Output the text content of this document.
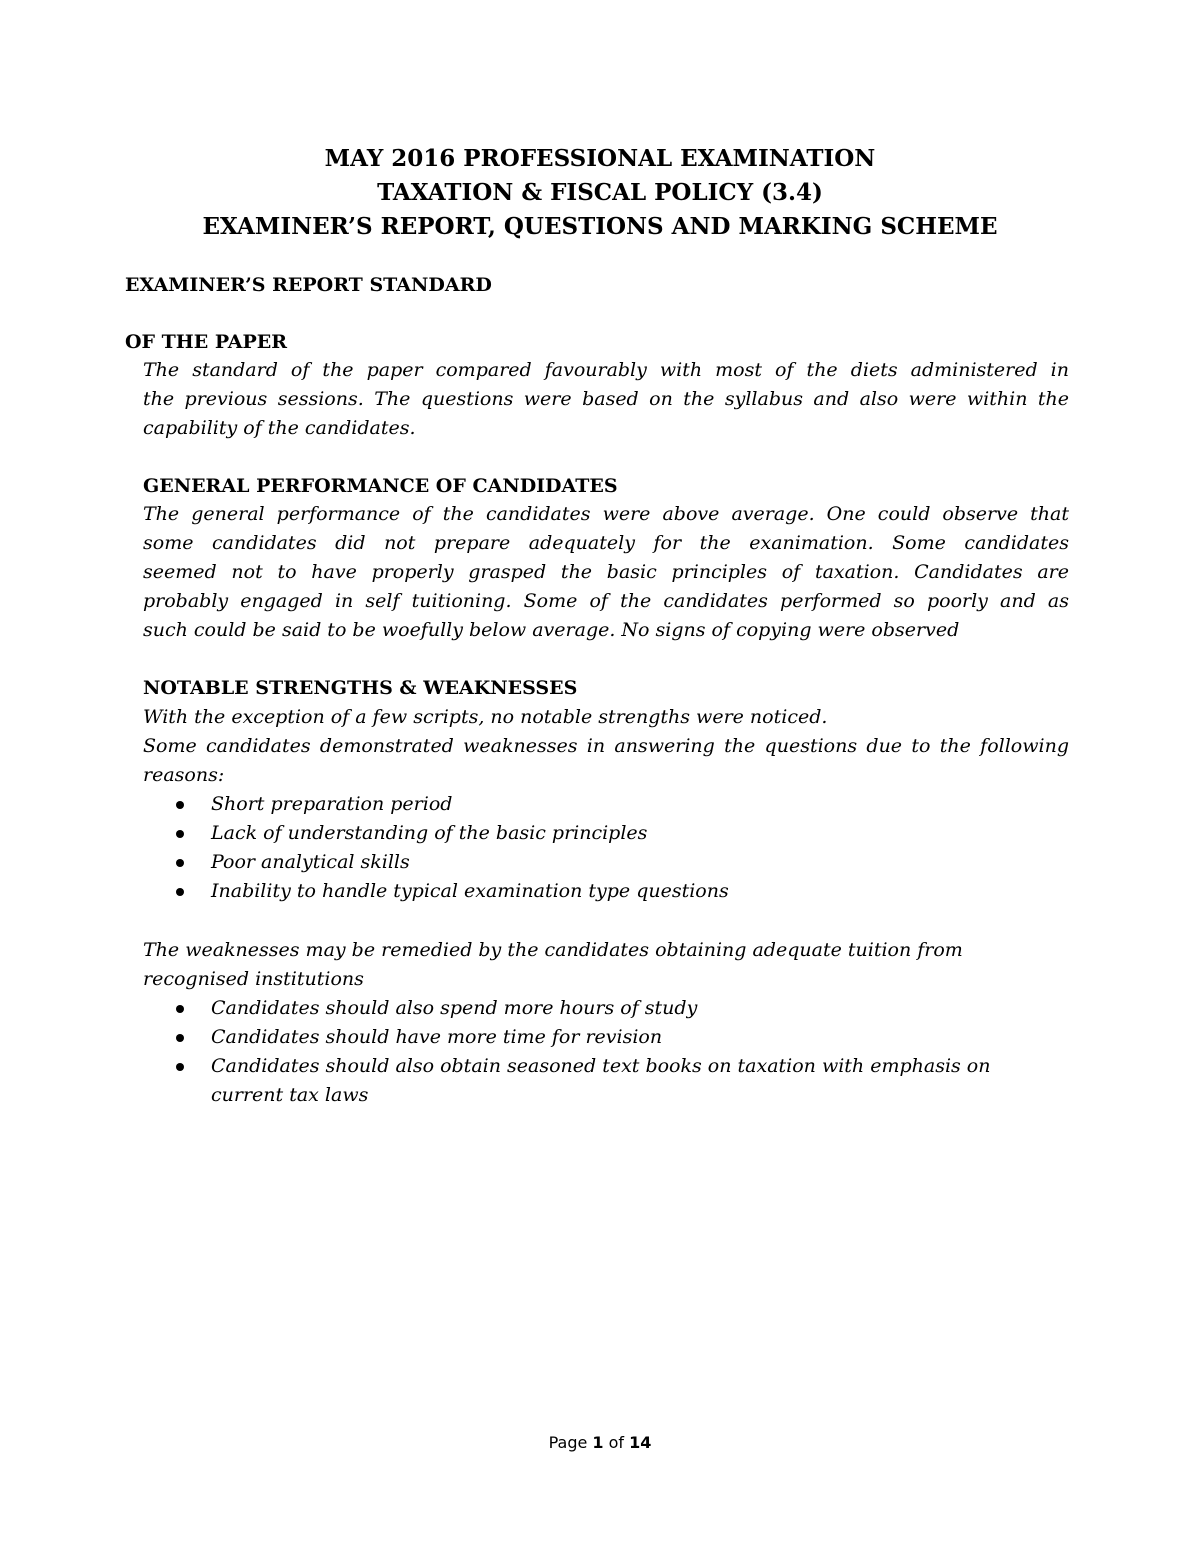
MAY 2016 PROFESSIONAL EXAMINATION
TAXATION & FISCAL POLICY (3.4)
EXAMINER’S REPORT, QUESTIONS AND MARKING SCHEME
EXAMINER’S REPORT STANDARD
OF THE PAPER
The standard of the paper compared favourably with most of the diets administered in
the previous sessions. The questions were based on the syllabus and also were within the
capability of the candidates.
GENERAL PERFORMANCE OF CANDIDATES
The general performance of the candidates were above average. One could observe that
some candidates did not prepare adequately for the exanimation. Some candidates
seemed not to have properly grasped the basic principles of taxation. Candidates are
probably engaged in self tuitioning. Some of the candidates performed so poorly and as
such could be said to be woefully below average. No signs of copying were observed
NOTABLE STRENGTHS & WEAKNESSES
With the exception of a few scripts, no notable strengths were noticed.
Some candidates demonstrated weaknesses in answering the questions due to the following
reasons:
Short preparation period
Lack of understanding of the basic principles
Poor analytical skills
Inability to handle typical examination type questions
The weaknesses may be remedied by the candidates obtaining adequate tuition from
recognised institutions
Candidates should also spend more hours of study
Candidates should have more time for revision
Candidates should also obtain seasoned text books on taxation with emphasis on current tax laws
Page 1 of 14
